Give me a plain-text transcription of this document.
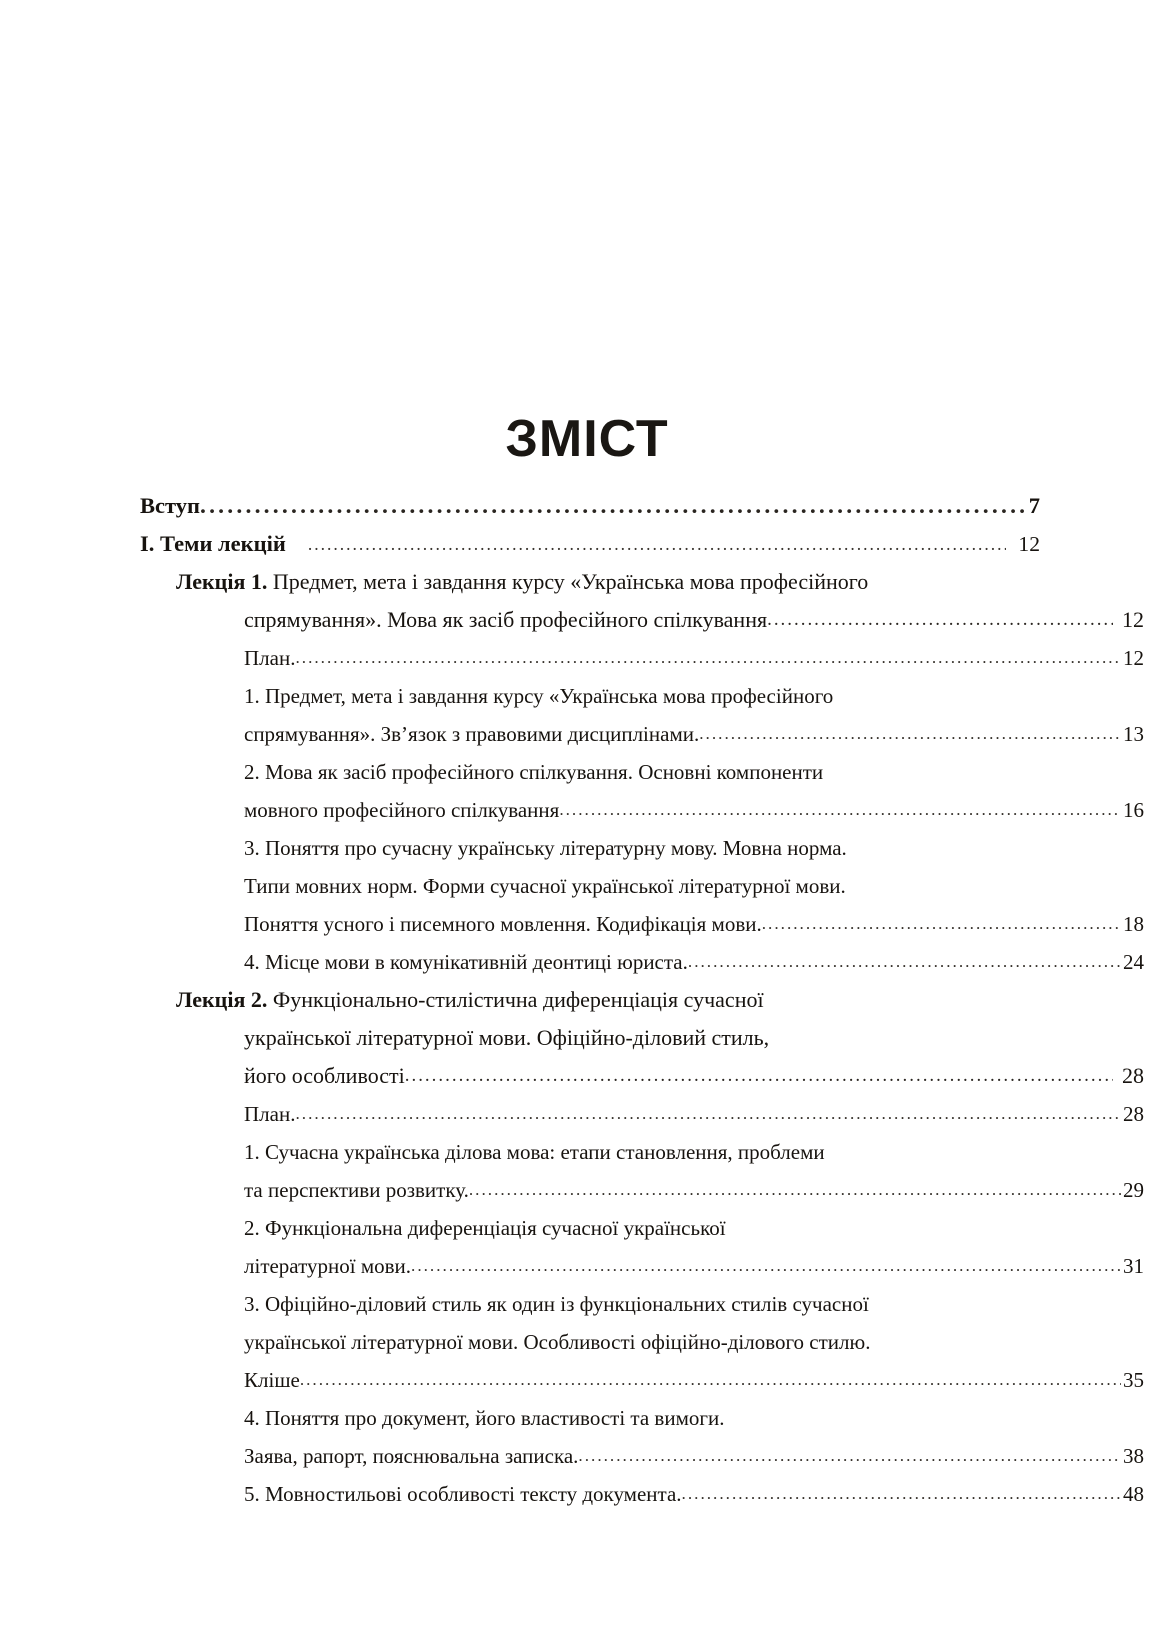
ЗМІСТ
Вступ .....	7
I. Теми лекцій .....	12
Лекція 1. Предмет, мета і завдання курсу «Українська мова професійного
спрямування». Мова як засіб професійного спілкування .....	12
План. .....	12
1. Предмет, мета і завдання курсу «Українська мова професійного
спрямування». Зв’язок з правовими дисциплінами. .....	13
2. Мова як засіб професійного спілкування. Основні компоненти
мовного професійного спілкування .....	16
3. Поняття про сучасну українську літературну мову. Мовна норма.
Типи мовних норм. Форми сучасної української літературної мови.
Поняття усного і писемного мовлення. Кодифікація мови. .....	18
4. Місце мови в комунікативній деонтиці юриста. .....	24
Лекція 2. Функціонально-стилістична диференціація сучасної
української літературної мови. Офіційно-діловий стиль,
його особливості .....	28
План. .....	28
1. Сучасна українська ділова мова: етапи становлення, проблеми
та перспективи розвитку. .....	29
2. Функціональна диференціація сучасної української
літературної мови. .....	31
3. Офіційно-діловий стиль як один із функціональних стилів сучасної
української літературної мови. Особливості офіційно-ділового стилю.
Кліше .....	35
4. Поняття про документ, його властивості та вимоги.
Заява, рапорт, пояснювальна записка. .....	38
5. Мовностильові особливості тексту документа. .....	48
